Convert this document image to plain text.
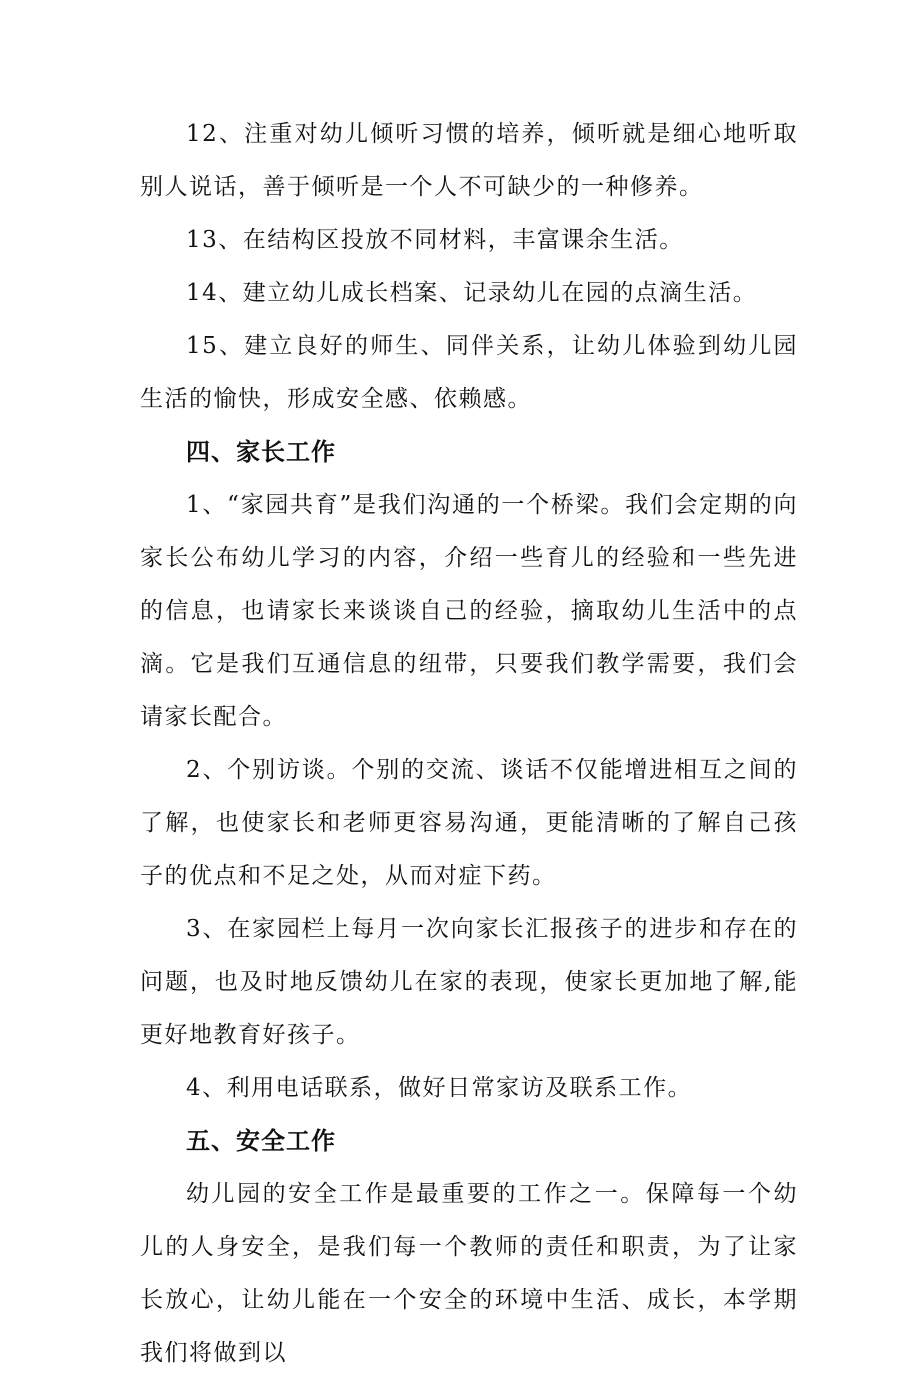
12、注重对幼儿倾听习惯的培养，倾听就是细心地听取别人说话，善于倾听是一个人不可缺少的一种修养。

13、在结构区投放不同材料，丰富课余生活。

14、建立幼儿成长档案、记录幼儿在园的点滴生活。

15、建立良好的师生、同伴关系，让幼儿体验到幼儿园生活的愉快，形成安全感、依赖感。

四、家长工作

1、“家园共育”是我们沟通的一个桥梁。我们会定期的向家长公布幼儿学习的内容，介绍一些育儿的经验和一些先进的信息，也请家长来谈谈自己的经验，摘取幼儿生活中的点滴。它是我们互通信息的纽带，只要我们教学需要，我们会请家长配合。

2、个别访谈。个别的交流、谈话不仅能增进相互之间的了解，也使家长和老师更容易沟通，更能清晰的了解自己孩子的优点和不足之处，从而对症下药。

3、在家园栏上每月一次向家长汇报孩子的进步和存在的问题，也及时地反馈幼儿在家的表现，使家长更加地了解,能更好地教育好孩子。

4、利用电话联系，做好日常家访及联系工作。

五、安全工作

幼儿园的安全工作是最重要的工作之一。保障每一个幼儿的人身安全，是我们每一个教师的责任和职责，为了让家长放心，让幼儿能在一个安全的环境中生活、成长，本学期我们将做到以
